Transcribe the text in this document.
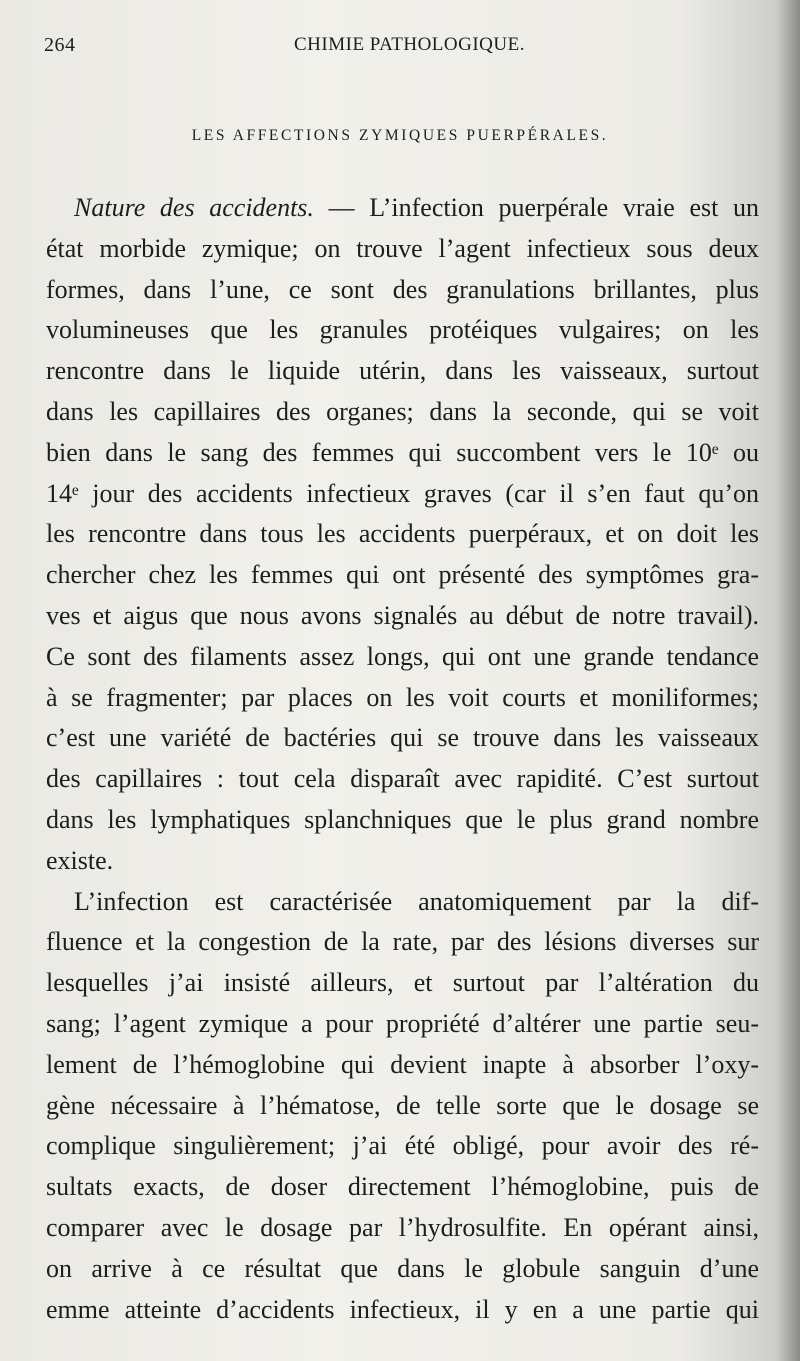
264	CHIMIE PATHOLOGIQUE.
LES AFFECTIONS ZYMIQUES PUERPÉRALES.
Nature des accidents. — L’infection puerpérale vraie est un
état morbide zymique; on trouve l’agent infectieux sous deux
formes, dans l’une, ce sont des granulations brillantes, plus
volumineuses que les granules protéiques vulgaires; on les
rencontre dans le liquide utérin, dans les vaisseaux, surtout
dans les capillaires des organes; dans la seconde, qui se voit
bien dans le sang des femmes qui succombent vers le 10ᵉ ou
14ᵉ jour des accidents infectieux graves (car il s’en faut qu’on
les rencontre dans tous les accidents puerpéraux, et on doit les
chercher chez les femmes qui ont présenté des symptômes gra-
ves et aigus que nous avons signalés au début de notre travail).
Ce sont des filaments assez longs, qui ont une grande tendance
à se fragmenter; par places on les voit courts et moniliformes;
c’est une variété de bactéries qui se trouve dans les vaisseaux
des capillaires : tout cela disparaît avec rapidité. C’est surtout
dans les lymphatiques splanchniques que le plus grand nombre
existe.
L’infection est caractérisée anatomiquement par la dif-
fluence et la congestion de la rate, par des lésions diverses sur
lesquelles j’ai insisté ailleurs, et surtout par l’altération du
sang; l’agent zymique a pour propriété d’altérer une partie seu-
lement de l’hémoglobine qui devient inapte à absorber l’oxy-
gène nécessaire à l’hématose, de telle sorte que le dosage se
complique singulièrement; j’ai été obligé, pour avoir des ré-
sultats exacts, de doser directement l’hémoglobine, puis de
comparer avec le dosage par l’hydrosulfite. En opérant ainsi,
on arrive à ce résultat que dans le globule sanguin d’une
emme atteinte d’accidents infectieux, il y en a une partie qui
